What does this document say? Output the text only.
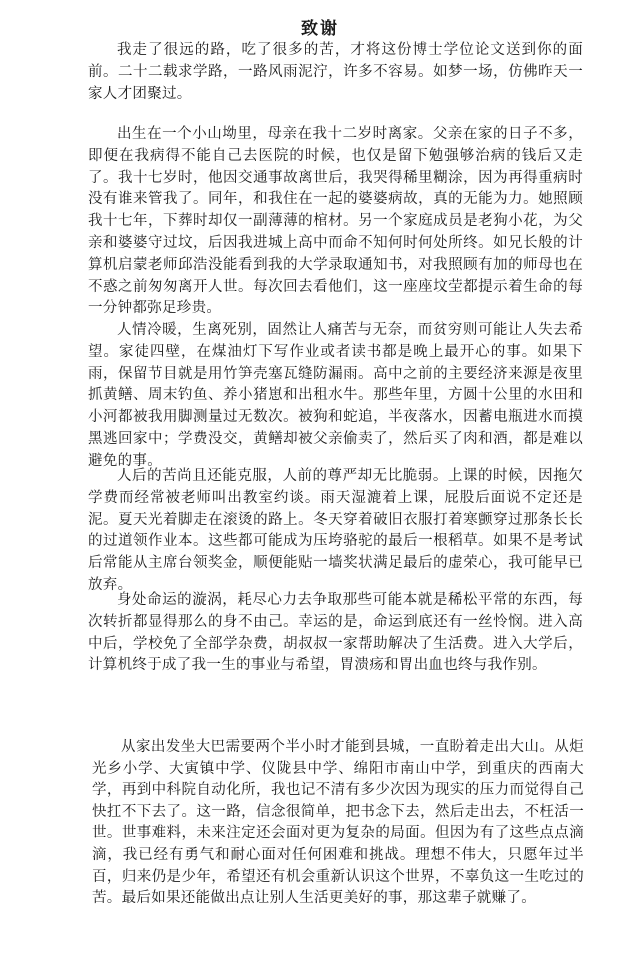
致谢

我走了很远的路，吃了很多的苦，才将这份博士学位论文送到你的面前。二十二载求学路，一路风雨泥泞，许多不容易。如梦一场，仿佛昨天一家人才团聚过。

出生在一个小山坳里，母亲在我十二岁时离家。父亲在家的日子不多，即便在我病得不能自己去医院的时候，也仅是留下勉强够治病的钱后又走了。我十七岁时，他因交通事故离世后，我哭得稀里糊涂，因为再得重病时没有谁来管我了。同年，和我住在一起的婆婆病故，真的无能为力。她照顾我十七年，下葬时却仅一副薄薄的棺材。另一个家庭成员是老狗小花，为父亲和婆婆守过坟，后因我进城上高中而命不知何时何处所终。如兄长般的计算机启蒙老师邱浩没能看到我的大学录取通知书，对我照顾有加的师母也在不惑之前匆匆离开人世。每次回去看他们，这一座座坟茔都提示着生命的每一分钟都弥足珍贵。

人情冷暖，生离死别，固然让人痛苦与无奈，而贫穷则可能让人失去希望。家徒四壁，在煤油灯下写作业或者读书都是晚上最开心的事。如果下雨，保留节目就是用竹笋壳塞瓦缝防漏雨。高中之前的主要经济来源是夜里抓黄鳝、周末钓鱼、养小猪崽和出租水牛。那些年里，方圆十公里的水田和小河都被我用脚测量过无数次。被狗和蛇追，半夜落水，因蓄电瓶进水而摸黑逃回家中；学费没交，黄鳝却被父亲偷卖了，然后买了肉和酒，都是难以避免的事。

人后的苦尚且还能克服，人前的尊严却无比脆弱。上课的时候，因拖欠学费而经常被老师叫出教室约谈。雨天湿漉着上课，屁股后面说不定还是泥。夏天光着脚走在滚烫的路上。冬天穿着破旧衣服打着寒颤穿过那条长长的过道领作业本。这些都可能成为压垮骆驼的最后一根稻草。如果不是考试后常能从主席台领奖金，顺便能贴一墙奖状满足最后的虚荣心，我可能早已放弃。

身处命运的漩涡，耗尽心力去争取那些可能本就是稀松平常的东西，每次转折都显得那么的身不由己。幸运的是，命运到底还有一丝怜悯。进入高中后，学校免了全部学杂费，胡叔叔一家帮助解决了生活费。进入大学后，计算机终于成了我一生的事业与希望，胃溃疡和胃出血也终与我作别。

从家出发坐大巴需要两个半小时才能到县城，一直盼着走出大山。从炬光乡小学、大寅镇中学、仪陇县中学、绵阳市南山中学，到重庆的西南大学，再到中科院自动化所，我也记不清有多少次因为现实的压力而觉得自己快扛不下去了。这一路，信念很简单，把书念下去，然后走出去，不枉活一世。世事难料，未来注定还会面对更为复杂的局面。但因为有了这些点点滴滴，我已经有勇气和耐心面对任何困难和挑战。理想不伟大，只愿年过半百，归来仍是少年，希望还有机会重新认识这个世界，不辜负这一生吃过的苦。最后如果还能做出点让别人生活更美好的事，那这辈子就赚了。
